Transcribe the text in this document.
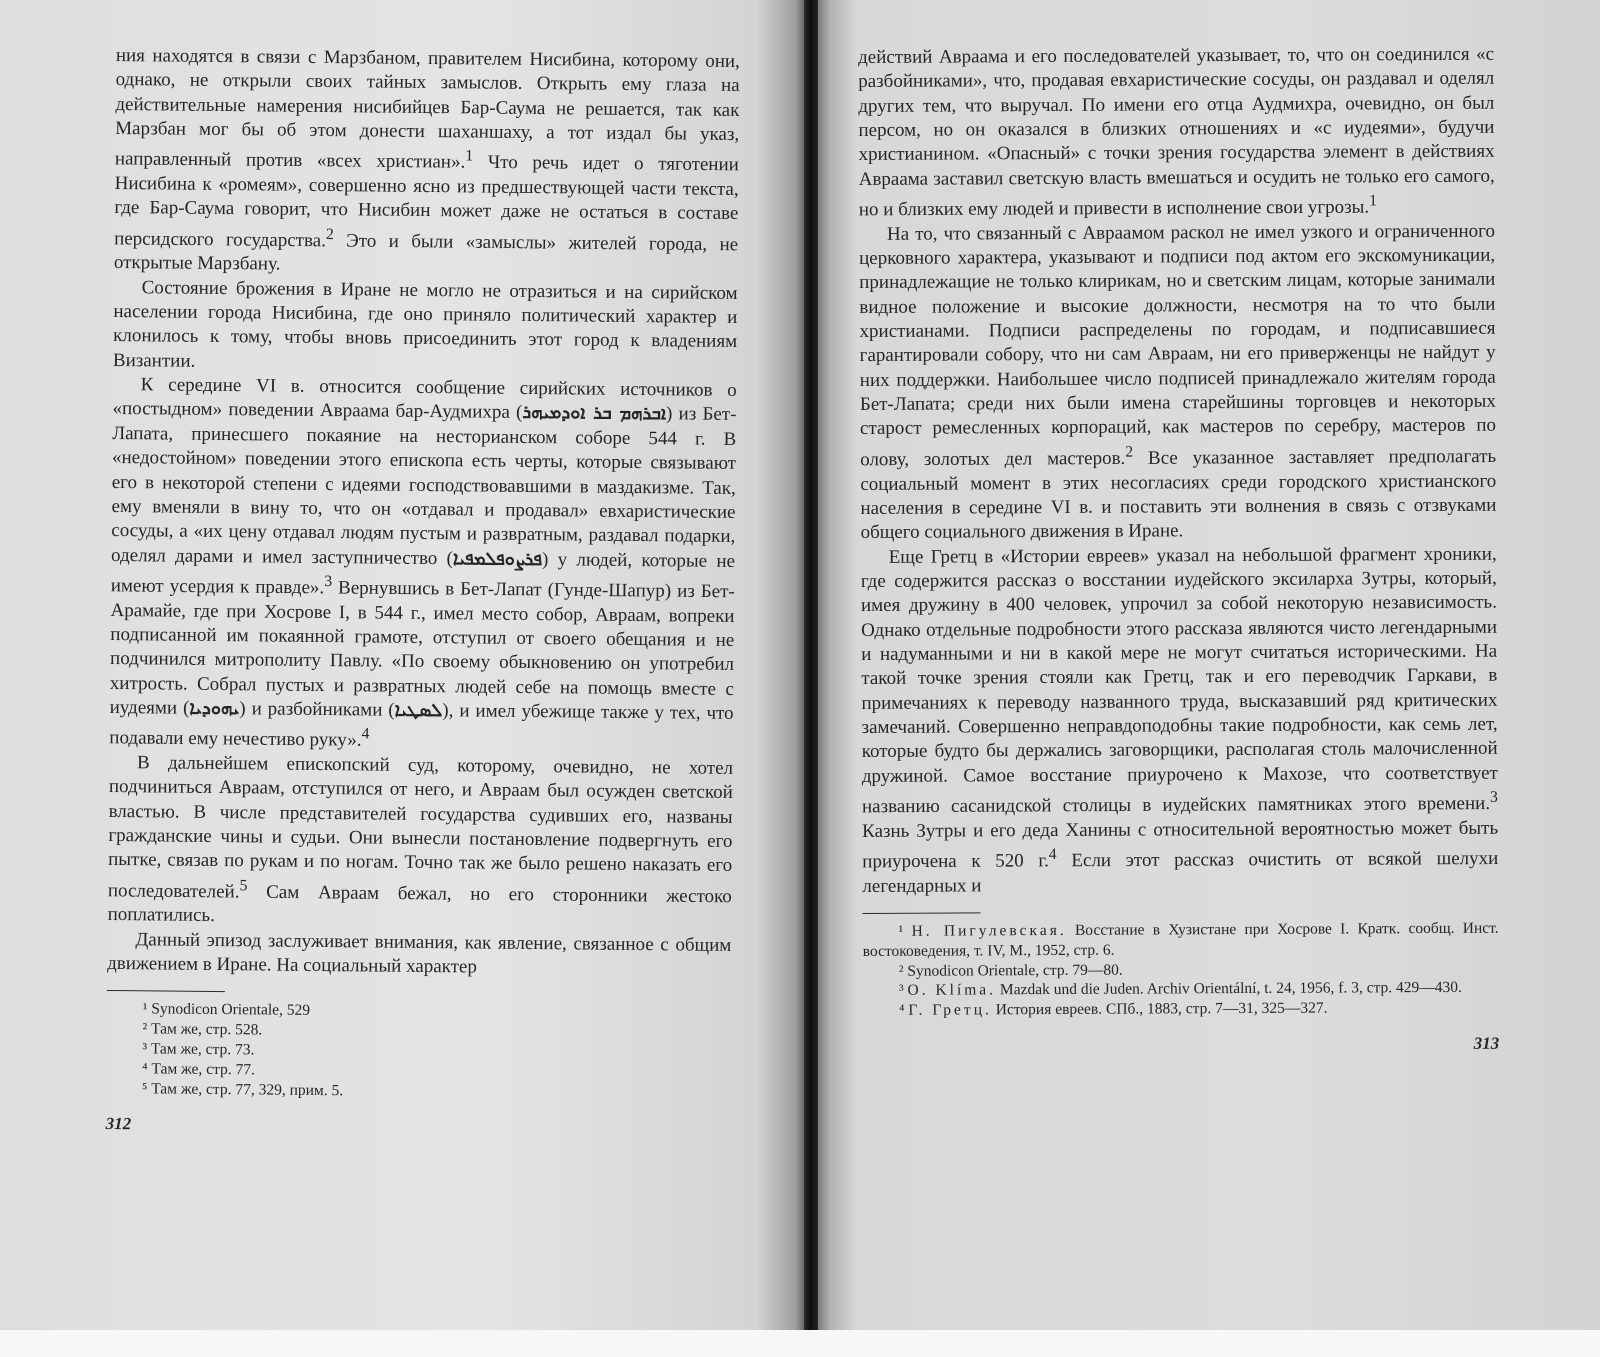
ния находятся в связи с Марзбаном, правителем Нисибина, которому они, однако, не открыли своих тайных замыслов. Открыть ему глаза на действительные намерения нисибийцев Бар-Саума не решается, так как Марзбан мог бы об этом донести шаханшаху, а тот издал бы указ, направленный против «всех христиан».$^1$ Что речь идет о тяготении Нисибина к «ромеям», совершенно ясно из предшествующей части текста, где Бар-Саума говорит, что Нисибин может даже не остаться в составе персидского государства.$^2$ Это и были «замыслы» жителей города, не открытые Марзбану.

Состояние брожения в Иране не могло не отразиться и на сирийском населении города Нисибина, где оно приняло политический характер и клонилось к тому, чтобы вновь присоединить этот город к владениям Византии.

К середине VI в. относится сообщение сирийских источников о «постыдном» поведении Авраама бар-Аудмихра (ܐܒܪܗܡ ܒܪ ܐܘܕܡܝܗܪ) из Бет-Лапата, принесшего покаяние на несторианском соборе 544 г. В «недостойном» поведении этого епископа есть черты, которые связывают его в некоторой степени с идеями господствовавшими в маздакизме. Так, ему вменяли в вину то, что он «отдавал и продавал» евхаристические сосуды, а «их цену отдавал людям пустым и развратным, раздавал подарки, оделял дарами и имел заступничество (ܦܪܨܘܦܠܡܦܝܐ) у людей, которые не имеют усердия к правде».$^3$ Вернувшись в Бет-Лапат (Гунде-Шапур) из Бет-Арамайе, где при Хосрове I, в 544 г., имел место собор, Авраам, вопреки подписанной им покаянной грамоте, отступил от своего обещания и не подчинился митрополиту Павлу. «По своему обыкновению он употребил хитрость. Собрал пустых и развратных людей себе на помощь вместе с иудеями (ܝܗܘܕܝܐ) и разбойниками (ܠܣܛܝܐ), и имел убежище также у тех, что подавали ему нечестиво руку».$^4$

В дальнейшем епископский суд, которому, очевидно, не хотел подчиниться Авраам, отступился от него, и Авраам был осужден светской властью. В числе представителей государства судивших его, названы гражданские чины и судьи. Они вынесли постановление подвергнуть его пытке, связав по рукам и по ногам. Точно так же было решено наказать его последователей.$^5$ Сам Авраам бежал, но его сторонники жестоко поплатились.

Данный эпизод заслуживает внимания, как явление, связанное с общим движением в Иране. На социальный характер

¹ Synodicon Orientale, 529

² Там же, стр. 528.

³ Там же, стр. 73.

⁴ Там же, стр. 77.

⁵ Там же, стр. 77, 329, прим. 5.

312

действий Авраама и его последователей указывает, то, что он соединился «с разбойниками», что, продавая евхаристические сосуды, он раздавал и оделял других тем, что выручал. По имени его отца Аудмихра, очевидно, он был персом, но он оказался в близких отношениях и «с иудеями», будучи христианином. «Опасный» с точки зрения государства элемент в действиях Авраама заставил светскую власть вмешаться и осудить не только его самого, но и близких ему людей и привести в исполнение свои угрозы.$^1$

На то, что связанный с Авраамом раскол не имел узкого и ограниченного церковного характера, указывают и подписи под актом его экскомуникации, принадлежащие не только клирикам, но и светским лицам, которые занимали видное положение и высокие должности, несмотря на то что были христианами. Подписи распределены по городам, и подписавшиеся гарантировали собору, что ни сам Авраам, ни его приверженцы не найдут у них поддержки. Наибольшее число подписей принадлежало жителям города Бет-Лапата; среди них были имена старейшины торговцев и некоторых старост ремесленных корпораций, как мастеров по серебру, мастеров по олову, золотых дел мастеров.$^2$ Все указанное заставляет предполагать социальный момент в этих несогласиях среди городского христианского населения в середине VI в. и поставить эти волнения в связь с отзвуками общего социального движения в Иране.

Еще Гретц в «Истории евреев» указал на небольшой фрагмент хроники, где содержится рассказ о восстании иудейского эксиларха Зутры, который, имея дружину в 400 человек, упрочил за собой некоторую независимость. Однако отдельные подробности этого рассказа являются чисто легендарными и надуманными и ни в какой мере не могут считаться историческими. На такой точке зрения стояли как Гретц, так и его переводчик Гаркави, в примечаниях к переводу названного труда, высказавший ряд критических замечаний. Совершенно неправдоподобны такие подробности, как семь лет, которые будто бы держались заговорщики, располагая столь малочисленной дружиной. Самое восстание приурочено к Махозе, что соответствует названию сасанидской столицы в иудейских памятниках этого времени.$^3$ Казнь Зутры и его деда Ханины с относительной вероятностью может быть приурочена к 520 г.$^4$ Если этот рассказ очистить от всякой шелухи легендарных и

¹ Н. Пигулевская. Восстание в Хузистане при Хосрове I. Кратк. сообщ. Инст. востоковедения, т. IV, М., 1952, стр. 6.

² Synodicon Orientale, стр. 79—80.

³ O. Klíma. Mazdak und die Juden. Archiv Orientální, t. 24, 1956, f. 3, стр. 429—430.

⁴ Г. Гретц. История евреев. СПб., 1883, стр. 7—31, 325—327.

313
